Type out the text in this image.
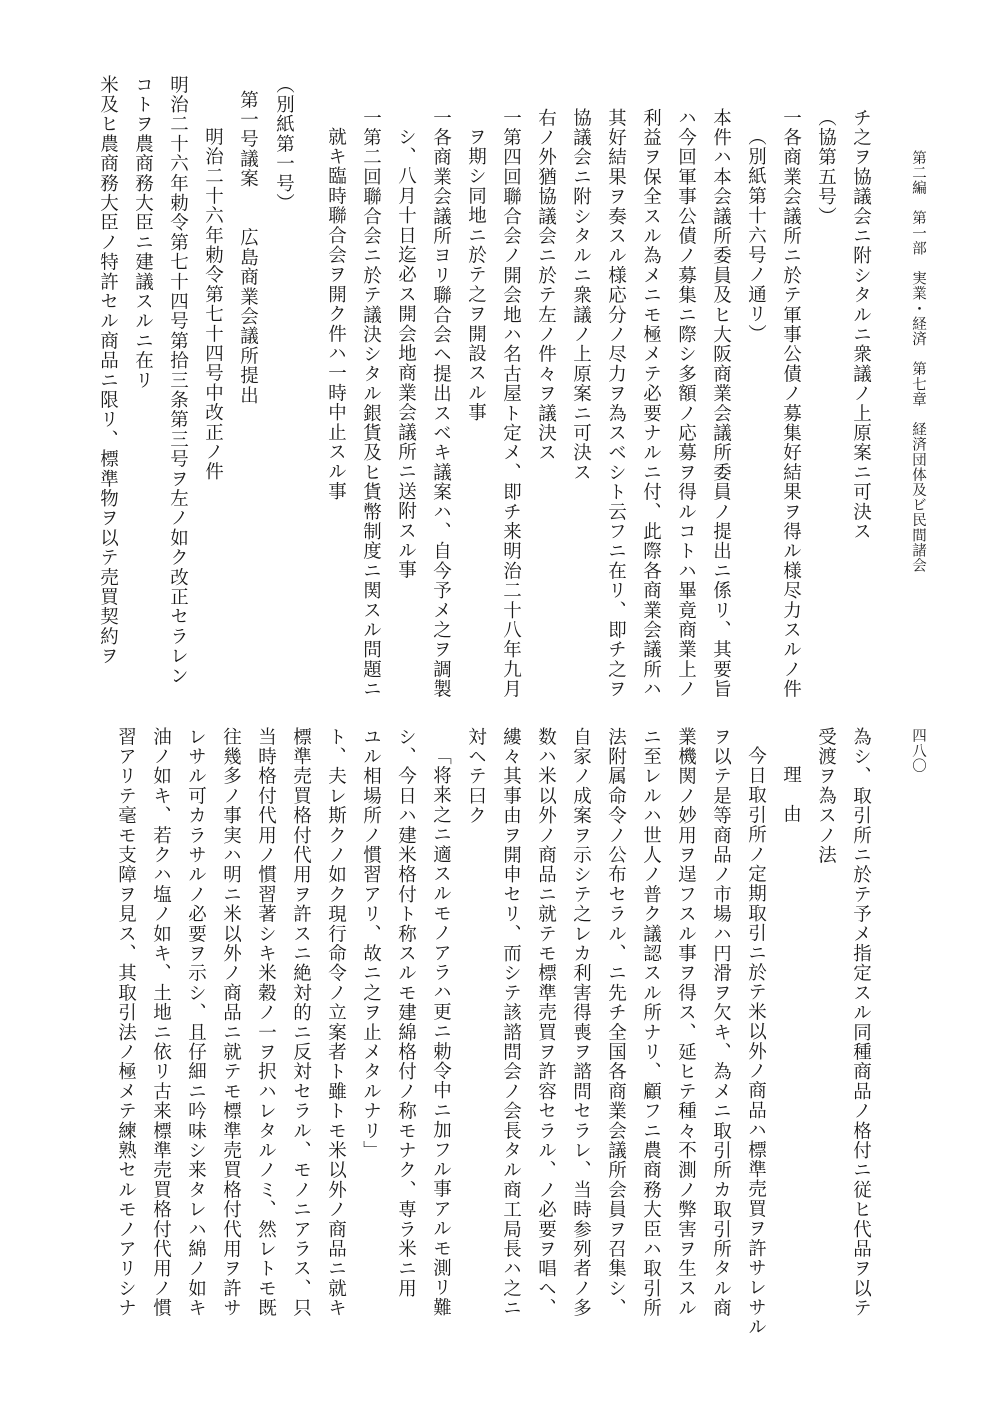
第二編　第一部　実業・経済　第七章　経済団体及ビ民間諸会
四八〇
チ之ヲ協議会ニ附シタルニ衆議ノ上原案ニ可決ス
（協第五号）
一各商業会議所ニ於テ軍事公債ノ募集好結果ヲ得ル様尽力スルノ件
（別紙第十六号ノ通リ）
本件ハ本会議所委員及ヒ大阪商業会議所委員ノ提出ニ係リ、其要旨
ハ今回軍事公債ノ募集ニ際シ多額ノ応募ヲ得ルコトハ畢竟商業上ノ
利益ヲ保全スル為メニモ極メテ必要ナルニ付、此際各商業会議所ハ
其好結果ヲ奏スル様応分ノ尽力ヲ為スベシト云フニ在リ、即チ之ヲ
協議会ニ附シタルニ衆議ノ上原案ニ可決ス
右ノ外猶協議会ニ於テ左ノ件々ヲ議決ス
一第四回聯合会ノ開会地ハ名古屋ト定メ、即チ来明治二十八年九月
ヲ期シ同地ニ於テ之ヲ開設スル事
一各商業会議所ヨリ聯合会ヘ提出スベキ議案ハ、自今予メ之ヲ調製
シ、八月十日迄必ス開会地商業会議所ニ送附スル事
一第二回聯合会ニ於テ議決シタル銀貨及ヒ貨幣制度ニ関スル問題ニ
就キ臨時聯合会ヲ開ク件ハ一時中止スル事
（別紙第一号）
第一号議案　　広島商業会議所提出
明治二十六年勅令第七十四号中改正ノ件
明治二十六年勅令第七十四号第拾三条第三号ヲ左ノ如ク改正セラレン
コトヲ農商務大臣ニ建議スルニ在リ
米及ヒ農商務大臣ノ特許セル商品ニ限リ、標準物ヲ以テ売買契約ヲ
為シ、取引所ニ於テ予メ指定スル同種商品ノ格付ニ従ヒ代品ヲ以テ
受渡ヲ為スノ法
理　由
今日取引所ノ定期取引ニ於テ米以外ノ商品ハ標準売買ヲ許サレサル
ヲ以テ是等商品ノ市場ハ円滑ヲ欠キ、為メニ取引所カ取引所タル商
業機関ノ妙用ヲ逞フスル事ヲ得ス、延ヒテ種々不測ノ弊害ヲ生スル
ニ至レルハ世人ノ普ク議認スル所ナリ、顧フニ農商務大臣ハ取引所
法附属命令ノ公布セラル、ニ先チ全国各商業会議所会員ヲ召集シ、
自家ノ成案ヲ示シテ之レカ利害得喪ヲ諮問セラレ、当時参列者ノ多
数ハ米以外ノ商品ニ就テモ標準売買ヲ許容セラル、ノ必要ヲ唱ヘ、
縷々其事由ヲ開申セリ、而シテ該諮問会ノ会長タル商工局長ハ之ニ
対ヘテ曰ク
「将来之ニ適スルモノアラハ更ニ勅令中ニ加フル事アルモ測リ難
シ、今日ハ建米格付ト称スルモ建綿格付ノ称モナク、専ラ米ニ用
ユル相場所ノ慣習アリ、故ニ之ヲ止メタルナリ」
ト、夫レ斯クノ如ク現行命令ノ立案者ト雖トモ米以外ノ商品ニ就キ
標準売買格付代用ヲ許スニ絶対的ニ反対セラル、モノニアラス、只
当時格付代用ノ慣習著シキ米穀ノ一ヲ択ハレタルノミ、然レトモ既
往幾多ノ事実ハ明ニ米以外ノ商品ニ就テモ標準売買格付代用ヲ許サ
レサル可カラサルノ必要ヲ示シ、且仔細ニ吟味シ来タレハ綿ノ如キ
油ノ如キ、若クハ塩ノ如キ、土地ニ依リ古来標準売買格付代用ノ慣
習アリテ毫モ支障ヲ見ス、其取引法ノ極メテ練熟セルモノアリシナ
